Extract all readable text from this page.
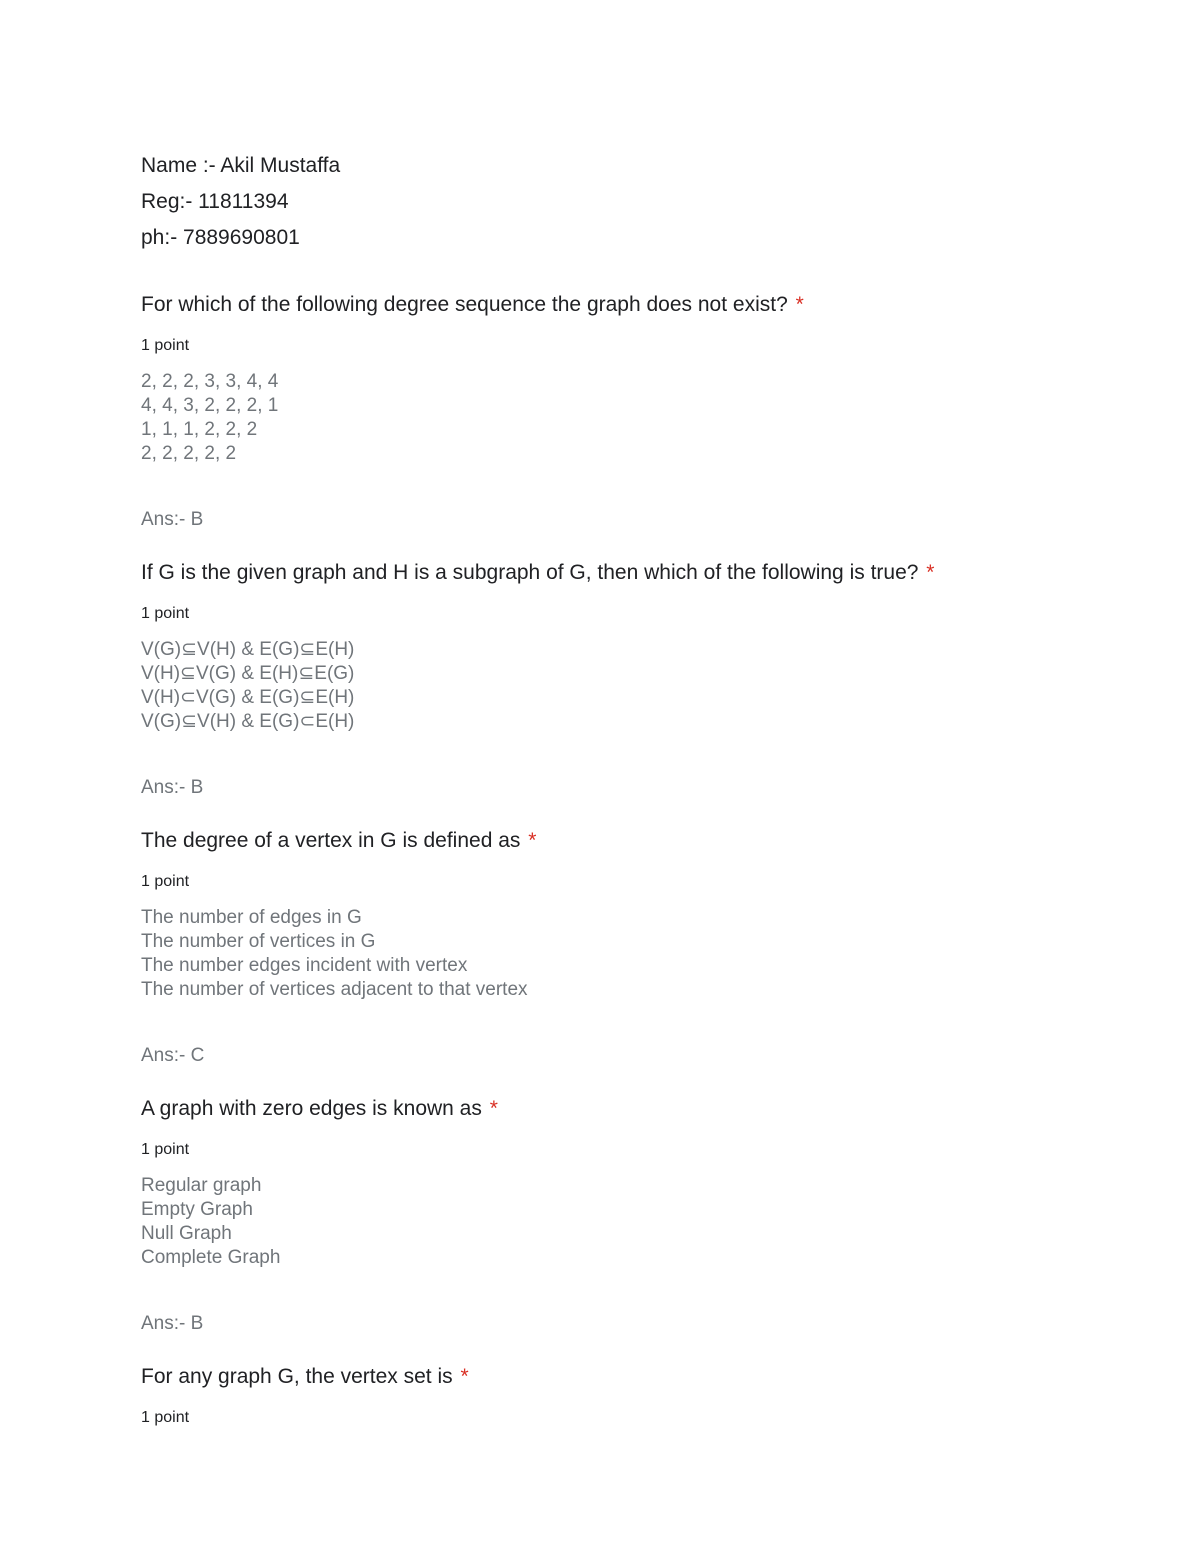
Name :- Akil Mustaffa
Reg:- 11811394
ph:- 7889690801

For which of the following degree sequence the graph does not exist? *

1 point
2, 2, 2, 3, 3, 4, 4
4, 4, 3, 2, 2, 2, 1
1, 1, 1, 2, 2, 2
2, 2, 2, 2, 2
Ans:- B

If G is the given graph and H is a subgraph of G, then which of the following is true? *

1 point
V(G)⊆V(H) & E(G)⊆E(H)
V(H)⊆V(G) & E(H)⊆E(G)
V(H)⊂V(G) & E(G)⊆E(H)
V(G)⊆V(H) & E(G)⊂E(H)
Ans:- B

The degree of a vertex in G is defined as *

1 point
The number of edges in G
The number of vertices in G
The number edges incident with vertex
The number of vertices adjacent to that vertex
Ans:- C

A graph with zero edges is known as *

1 point
Regular graph
Empty Graph
Null Graph
Complete Graph
Ans:- B

For any graph G, the vertex set is *

1 point
